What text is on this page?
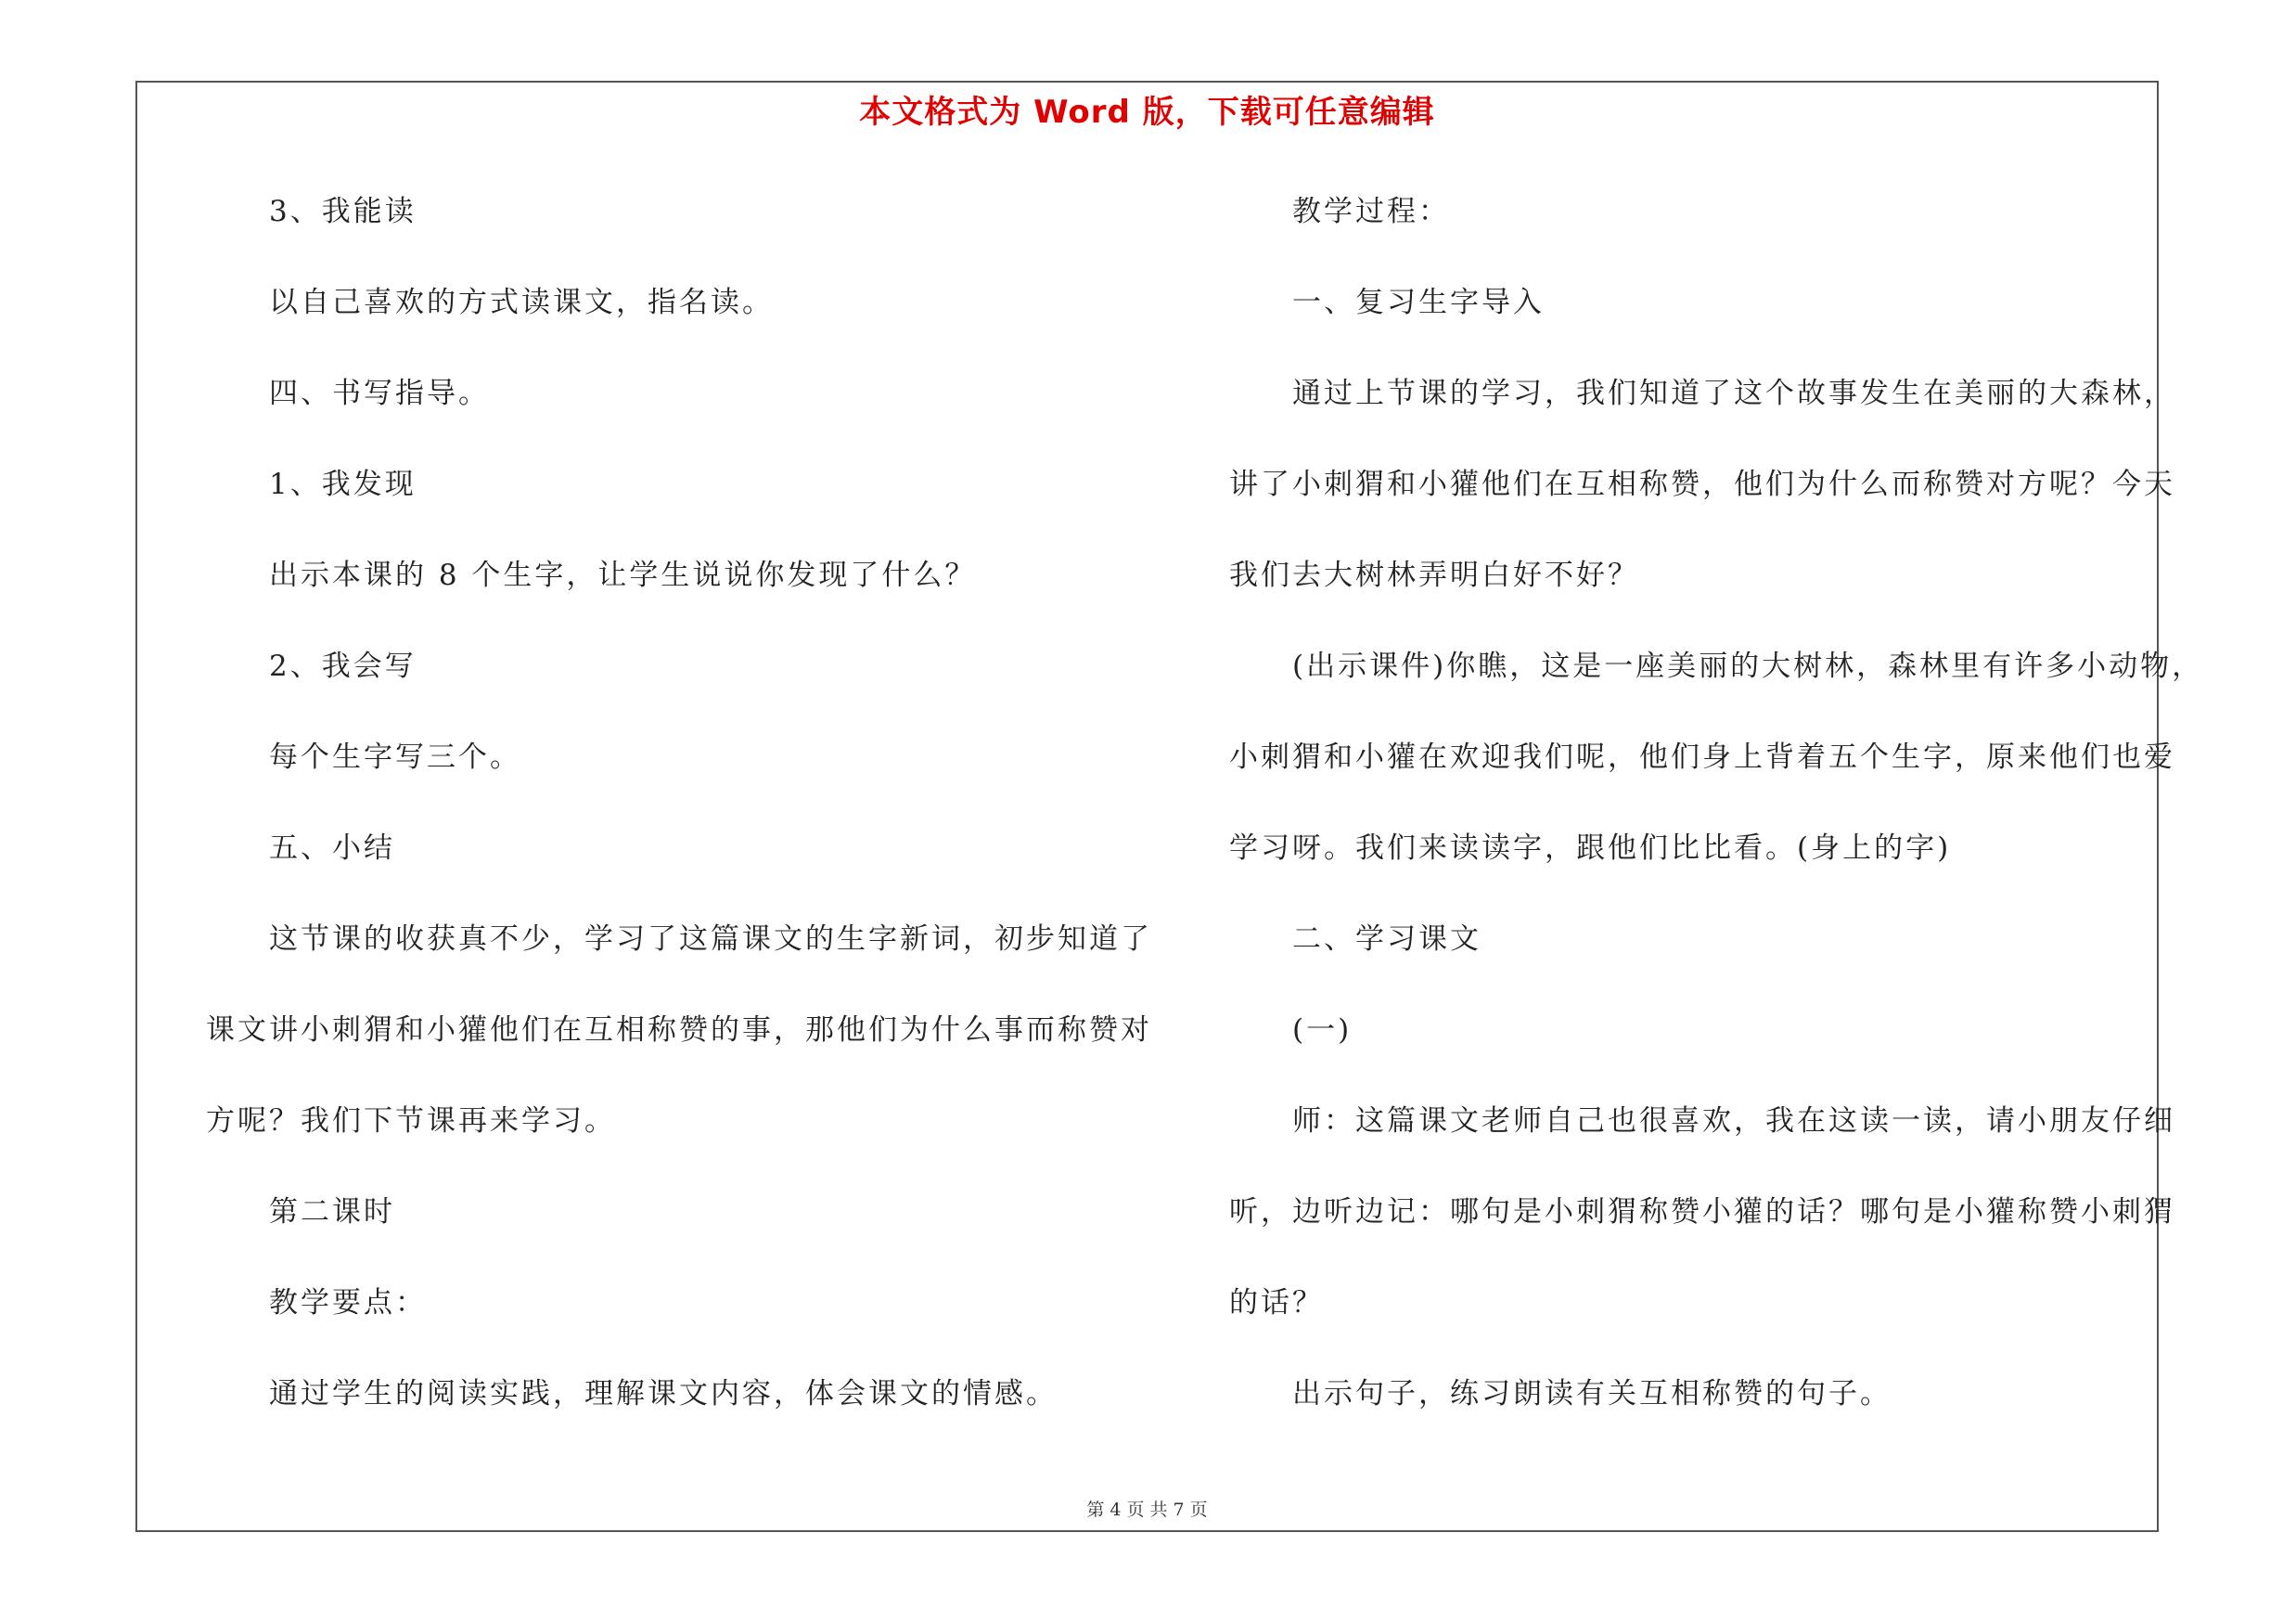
本文格式为 Word 版，下载可任意编辑
3、我能读
以自己喜欢的方式读课文，指名读。
四、书写指导。
1、我发现
出示本课的 8 个生字，让学生说说你发现了什么？
2、我会写
每个生字写三个。
五、小结
这节课的收获真不少，学习了这篇课文的生字新词，初步知道了
课文讲小刺猬和小獾他们在互相称赞的事，那他们为什么事而称赞对
方呢？我们下节课再来学习。
第二课时
教学要点：
通过学生的阅读实践，理解课文内容，体会课文的情感。
教学过程：
一、复习生字导入
通过上节课的学习，我们知道了这个故事发生在美丽的大森林，
讲了小刺猬和小獾他们在互相称赞，他们为什么而称赞对方呢？今天
我们去大树林弄明白好不好？
(出示课件)你瞧，这是一座美丽的大树林，森林里有许多小动物，
小刺猬和小獾在欢迎我们呢，他们身上背着五个生字，原来他们也爱
学习呀。我们来读读字，跟他们比比看。(身上的字)
二、学习课文
(一)
师：这篇课文老师自己也很喜欢，我在这读一读，请小朋友仔细
听，边听边记：哪句是小刺猬称赞小獾的话？哪句是小獾称赞小刺猬
的话？
出示句子，练习朗读有关互相称赞的句子。
第 4 页 共 7 页
